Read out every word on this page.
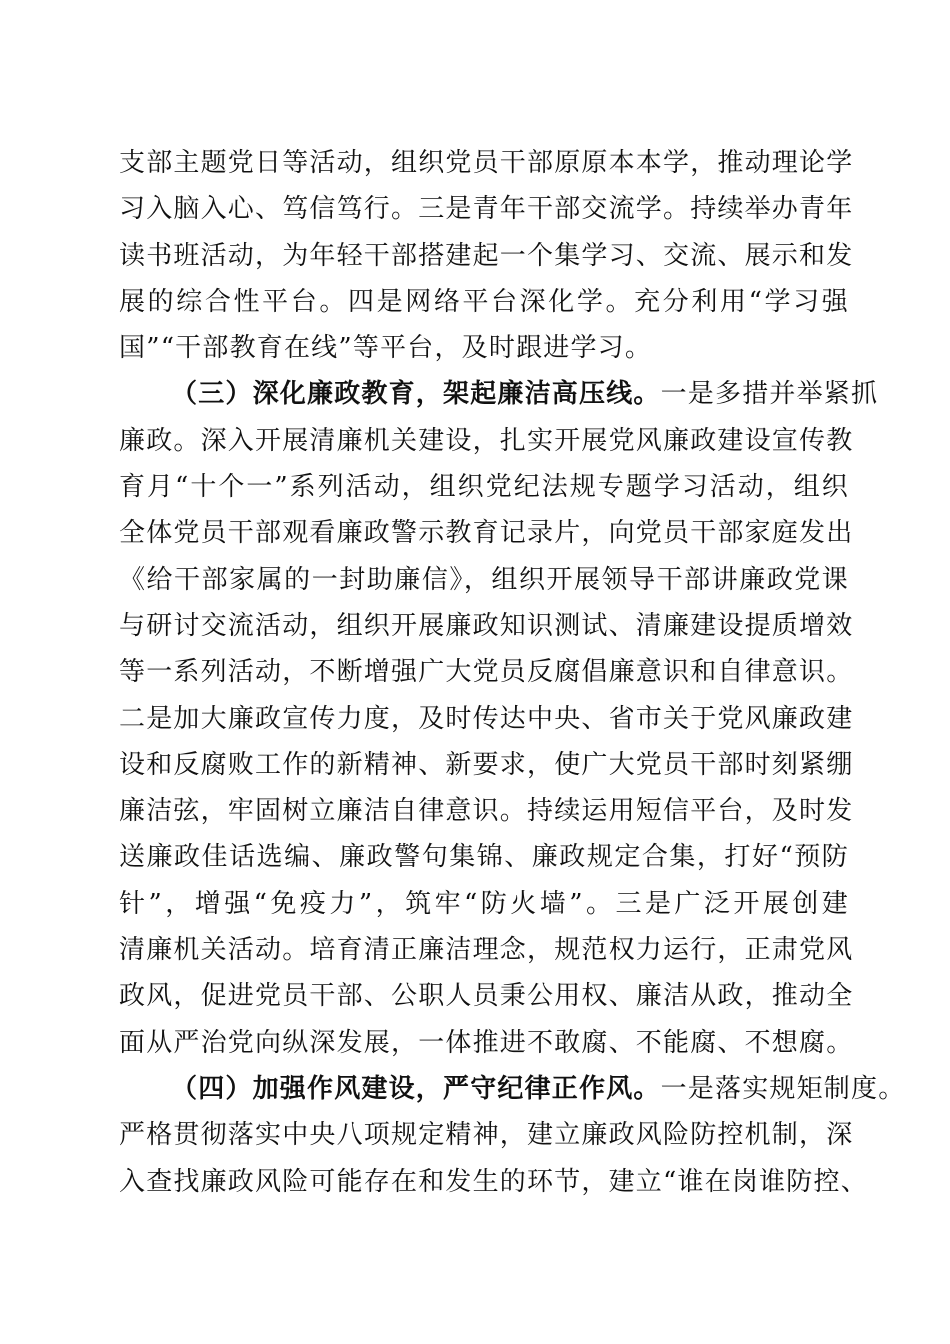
支部主题党日等活动，组织党员干部原原本本学，推动理论学
习入脑入心、笃信笃行。三是青年干部交流学。持续举办青年
读书班活动，为年轻干部搭建起一个集学习、交流、展示和发
展的综合性平台。四是网络平台深化学。充分利用“学习强
国”“干部教育在线”等平台，及时跟进学习。
（三）深化廉政教育，架起廉洁高压线。一是多措并举紧抓
廉政。深入开展清廉机关建设，扎实开展党风廉政建设宣传教
育月“十个一”系列活动，组织党纪法规专题学习活动，组织
全体党员干部观看廉政警示教育记录片，向党员干部家庭发出
《给干部家属的一封助廉信》，组织开展领导干部讲廉政党课
与研讨交流活动，组织开展廉政知识测试、清廉建设提质增效
等一系列活动，不断增强广大党员反腐倡廉意识和自律意识。
二是加大廉政宣传力度，及时传达中央、省市关于党风廉政建
设和反腐败工作的新精神、新要求，使广大党员干部时刻紧绷
廉洁弦，牢固树立廉洁自律意识。持续运用短信平台，及时发
送廉政佳话选编、廉政警句集锦、廉政规定合集，打好“预防
针”，增强“免疫力”，筑牢“防火墙”。三是广泛开展创建
清廉机关活动。培育清正廉洁理念，规范权力运行，正肃党风
政风，促进党员干部、公职人员秉公用权、廉洁从政，推动全
面从严治党向纵深发展，一体推进不敢腐、不能腐、不想腐。
（四）加强作风建设，严守纪律正作风。一是落实规矩制度。
严格贯彻落实中央八项规定精神，建立廉政风险防控机制，深
入查找廉政风险可能存在和发生的环节，建立“谁在岗谁防控、
